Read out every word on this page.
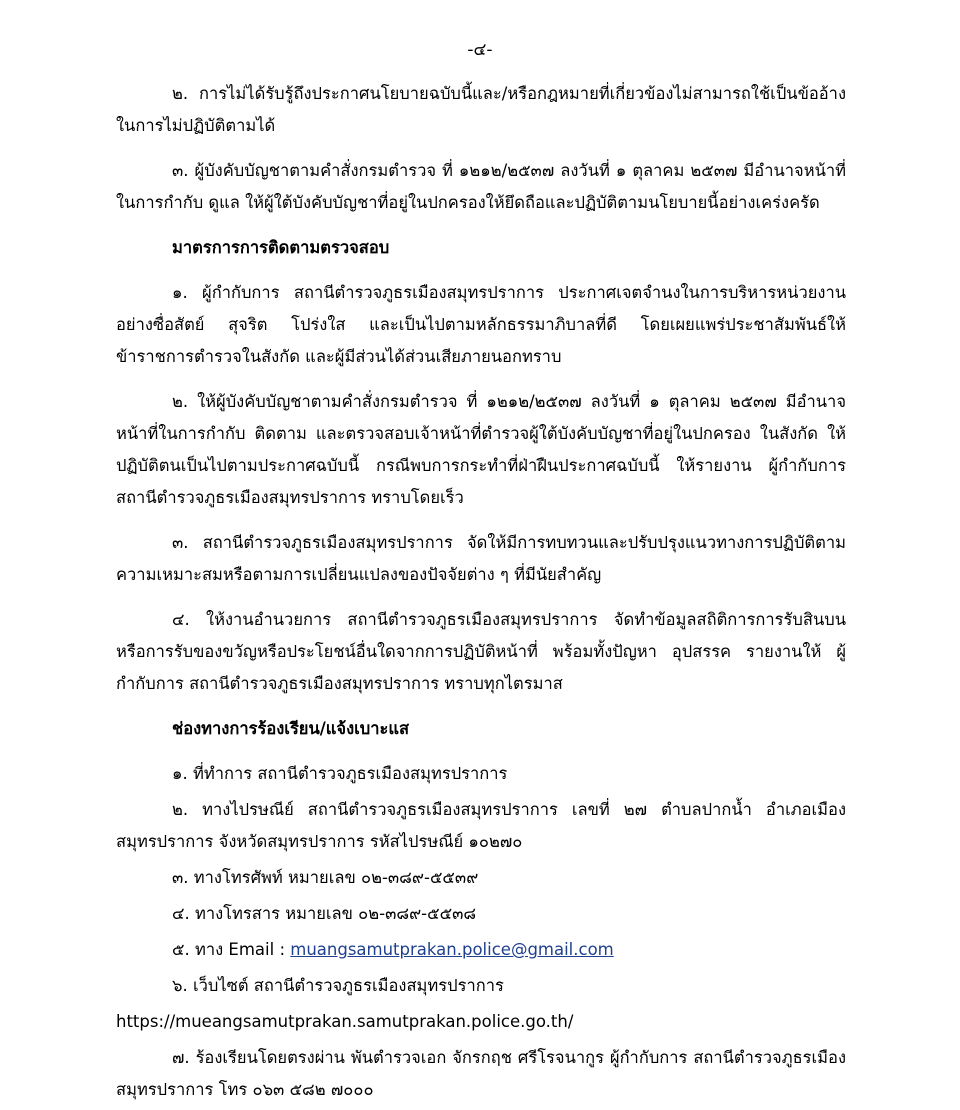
-๔-

๒. การไม่ได้รับรู้ถึงประกาศนโยบายฉบับนี้และ/หรือกฎหมายที่เกี่ยวข้องไม่สามารถใช้เป็นข้ออ้างในการไม่ปฏิบัติตามได้

๓. ผู้บังคับบัญชาตามคำสั่งกรมตำรวจ ที่ ๑๒๑๒/๒๕๓๗ ลงวันที่ ๑ ตุลาคม ๒๕๓๗ มีอำนาจหน้าที่ในการกำกับ ดูแล ให้ผู้ใต้บังคับบัญชาที่อยู่ในปกครองให้ยึดถือและปฏิบัติตามนโยบายนี้อย่างเคร่งครัด

มาตรการการติดตามตรวจสอบ

๑. ผู้กำกับการ สถานีตำรวจภูธรเมืองสมุทรปราการ ประกาศเจตจำนงในการบริหารหน่วยงาน อย่างซื่อสัตย์ สุจริต โปร่งใส และเป็นไปตามหลักธรรมาภิบาลที่ดี โดยเผยแพร่ประชาสัมพันธ์ให้ข้าราชการตำรวจในสังกัด และผู้มีส่วนได้ส่วนเสียภายนอกทราบ

๒. ให้ผู้บังคับบัญชาตามคำสั่งกรมตำรวจ ที่ ๑๒๑๒/๒๕๓๗ ลงวันที่ ๑ ตุลาคม ๒๕๓๗ มีอำนาจหน้าที่ในการกำกับ ติดตาม และตรวจสอบเจ้าหน้าที่ตำรวจผู้ใต้บังคับบัญชาที่อยู่ในปกครอง ในสังกัด ให้ปฏิบัติตนเป็นไปตามประกาศฉบับนี้ กรณีพบการกระทำที่ฝ่าฝืนประกาศฉบับนี้ ให้รายงาน ผู้กำกับการ สถานีตำรวจภูธรเมืองสมุทรปราการ ทราบโดยเร็ว

๓. สถานีตำรวจภูธรเมืองสมุทรปราการ จัดให้มีการทบทวนและปรับปรุงแนวทางการปฏิบัติตามความเหมาะสมหรือตามการเปลี่ยนแปลงของปัจจัยต่าง ๆ ที่มีนัยสำคัญ

๔. ให้งานอำนวยการ สถานีตำรวจภูธรเมืองสมุทรปราการ จัดทำข้อมูลสถิติการการรับสินบน หรือการรับของขวัญหรือประโยชน์อื่นใดจากการปฏิบัติหน้าที่ พร้อมทั้งปัญหา อุปสรรค รายงานให้ ผู้กำกับการ สถานีตำรวจภูธรเมืองสมุทรปราการ ทราบทุกไตรมาส

ช่องทางการร้องเรียน/แจ้งเบาะแส

๑. ที่ทำการ สถานีตำรวจภูธรเมืองสมุทรปราการ

๒. ทางไปรษณีย์ สถานีตำรวจภูธรเมืองสมุทรปราการ เลขที่ ๒๗ ตำบลปากน้ำ อำเภอเมืองสมุทรปราการ จังหวัดสมุทรปราการ รหัสไปรษณีย์ ๑๐๒๗๐

๓. ทางโทรศัพท์ หมายเลข ๐๒-๓๘๙-๕๕๓๙

๔. ทางโทรสาร หมายเลข ๐๒-๓๘๙-๕๕๓๘

๕. ทาง Email : muangsamutprakan.police@gmail.com

๖. เว็บไซต์ สถานีตำรวจภูธรเมืองสมุทรปราการ

https://mueangsamutprakan.samutprakan.police.go.th/

๗. ร้องเรียนโดยตรงผ่าน พันตำรวจเอก จักรกฤช ศรีโรจนากูร ผู้กำกับการ สถานีตำรวจภูธรเมืองสมุทรปราการ โทร ๐๖๓ ๕๘๒ ๗๐๐๐
